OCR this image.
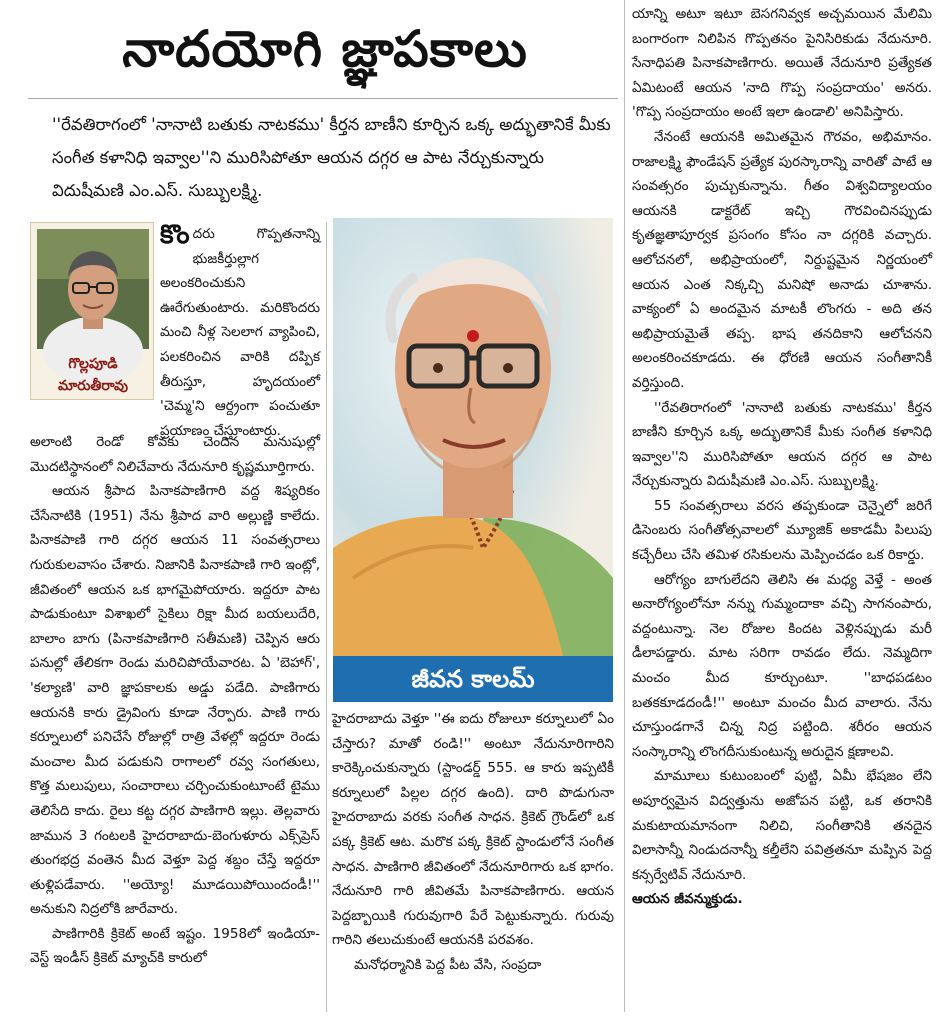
నాదయోగి జ్ఞాపకాలు
''రేవతిరాగంలో 'నానాటి బతుకు నాటకము' కీర్తన బాణీని కూర్చిన ఒక్క అద్భుతానికే మీకు సంగీత కళానిధి ఇవ్వాల''ని మురిసిపోతూ ఆయన దగ్గర ఆ పాట నేర్చుకున్నారు విదుషీమణి ఎం.ఎస్‌. సుబ్బులక్ష్మి.
గొల్లపూడి మారుతీరావు

కొందరు గొప్పతనాన్ని భుజకీర్తుల్లాగ అలంకరించుకుని ఊరేగుతుంటారు. మరికొందరు మంచి నీళ్ల సెలలాగ వ్యాపించి, పలకరించిన వారికి దప్పిక తీరుస్తూ, హృదయంలో 'చెమ్మ'ని ఆర్ద్రంగా పంచుతూ ప్రయాణం చేస్తూంటారు.

అలాంటి రెండో కోవకు చెందిన మనుషుల్లో మొదటిస్థానంలో నిలిచేవారు నేదునూరి కృష్ణమూర్తిగారు.

ఆయన శ్రీపాద పినాకపాణిగారి వద్ద శిష్యరికం చేసేనాటికి (1951) నేను శ్రీపాద వారి అల్లుణ్ణి కాలేదు. పినాకపాణి గారి దగ్గర ఆయన 11 సంవత్సరాలు గురుకులవాసం చేశారు. నిజానికి పినాకపాణి గారి ఇంట్లో, జీవితంలో ఆయన ఒక భాగమైపోయారు. ఇద్దరూ పాట పాడుకుంటూ విశాఖలో సైకిలు రిక్షా మీద బయలుదేరి, బాలాం బాగు (పినాకపాణిగారి సతీమణి) చెప్పిన ఆరు పనుల్లో తేలికగా రెండు మరిచిపోయేవారట. ఏ 'బెహాగ్‌', 'కల్యాణి' వారి జ్ఞాపకాలకు అడ్డు పడేది. పాణిగారు ఆయనకి కారు డ్రైవింగు కూడా నేర్పారు. పాణి గారు కర్నూలులో పనిచేసే రోజుల్లో రాత్రి వేళల్లో ఇద్దరూ రెండు మంచాల మీద పడుకుని రాగాలలో రవ్వ సంగతులు, కొత్త మలుపులు, సంచారాలు చర్చించుకుంటూంటే టైము తెలిసేది కాదు. రైలు కట్ట దగ్గర పాణిగారి ఇల్లు. తెల్లవారు జామున 3 గంటలకి హైదరాబాదు-బెంగుళూరు ఎక్స్‌ప్రెస్‌ తుంగభద్ర వంతెన మీద వెళ్తూ పెద్ద శబ్దం చేస్తే ఇద్దరూ తుళ్లిపడేవారు. ''అయ్యో! మూడయిపోయిందండీ!'' అనుకుని నిద్రలోకి జారేవారు.

పాణిగారికి క్రికెట్‌ అంటే ఇష్టం. 1958లో ఇండియా-వెస్ట్‌ ఇండీస్‌ క్రికెట్‌ మ్యాచ్‌కి కారులో

జీవన కాలమ్

హైదరాబాదు వెళ్తూ ''ఈ ఐదు రోజులూ కర్నూలులో ఏం చేస్తారు? మాతో రండి!'' అంటూ నేదునూరిగారిని కారెక్కించుకున్నారు (స్టాండర్డ్‌ 555. ఆ కారు ఇప్పటికీ కర్నూలులో పిల్లల దగ్గర ఉంది). దారి పొడుగునా హైదరాబాదు వరకు సంగీత సాధన. క్రికెట్‌ గ్రౌండ్‌లో ఒక పక్క క్రికెట్‌ ఆట. మరొక పక్క క్రికెట్‌ స్టాండులోనే సంగీత సాధన. పాణిగారి జీవితంలో నేదునూరిగారు ఒక భాగం. నేదునూరి గారి జీవితమే పినాకపాణిగారు. ఆయన పెద్దబ్బాయికి గురువుగారి పేరే పెట్టుకున్నారు. గురువు గారిని తలుచుకుంటే ఆయనకి పరవశం.

మనోధర్మానికి పెద్ద పీట వేసి, సంప్రదా

యాన్ని అటూ ఇటూ బెసగనివ్వక అచ్చమయిన మేలిమి బంగారంగా నిలిపిన గొప్పతనం పైనిసిరికుడు నేదునూరి. సేనాధిపతి పినాకపాణిగారు. అయితే నేదునూరి ప్రత్యేకత ఏమిటంటే ఆయన 'నాది గొప్ప సంప్రదాయం' అనరు. 'గొప్ప సంప్రదాయం అంటే ఇలా ఉండాలి' అనిపిస్తారు.

నేనంటే ఆయనకి అమితమైన గౌరవం, అభిమానం. రాజాలక్ష్మి ఫౌండేషన్‌ ప్రత్యేక పురస్కారాన్ని వారితో పాటే ఆ సంవత్సరం పుచ్చుకున్నాను. గీతం విశ్వవిద్యాలయం ఆయనకి డాక్టరేట్‌ ఇచ్చి గౌరవించినప్పుడు కృతజ్ఞతాపూర్వక ప్రసంగం కోసం నా దగ్గరికి వచ్చారు. ఆలోచనలో, అభిప్రాయంలో, నిర్దుష్టమైన నిర్ణయంలో ఆయన ఎంత నిక్కచ్చి మనిషో అనాడు చూశాను. వాక్యంలో ఏ అందమైన మాటకీ లొంగరు - అది తన అభిప్రాయమైతే తప్ప. భాష తనదికాని ఆలోచనని అలంకరించకూడదు. ఈ ధోరణి ఆయన సంగీతానికీ వర్తిస్తుంది.

''రేవతిరాగంలో 'నానాటి బతుకు నాటకము' కీర్తన బాణీని కూర్చిన ఒక్క అద్భుతానికే మీకు సంగీత కళానిధి ఇవ్వాల''ని మురిసిపోతూ ఆయన దగ్గర ఆ పాట నేర్చుకున్నారు విదుషీమణి ఎం.ఎస్‌. సుబ్బులక్ష్మి.

55 సంవత్సరాలు వరస తప్పకుండా చెన్నైలో జరిగే డిసెంబరు సంగీతోత్సవాలలో మ్యూజిక్‌ అకాడమీ పిలుపు కచ్చేరీలు చేసి తమిళ రసికులను మెప్పించడం ఒక రికార్డు.

ఆరోగ్యం బాగులేదని తెలిసి ఈ మధ్య వెళ్తే - అంత అనారోగ్యంలోనూ నన్ను గుమ్మందాకా వచ్చి సాగనంపారు, వద్దంటున్నా. నెల రోజుల కిందట వెళ్లినప్పుడు మరీ డీలాపడ్డారు. మాట సరిగా రావడం లేదు. నెమ్మదిగా మంచం మీద కూర్చుంటూ. ''బాధపడటం బతకకూడదండీ!'' అంటూ మంచం మీద వాలారు. నేను చూస్తుండగానే చిన్న నిద్ర పట్టింది. శరీరం ఆయన సంస్కారాన్ని లొంగదీసుకుంటున్న అరుదైన క్షణాలవి.

మామూలు కుటుంబంలో పుట్టి, ఏమీ భేషజం లేని అపూర్వమైన విద్వత్తును అజోపన పట్టి, ఒక తరానికి మకుటాయమానంగా నిలిచి, సంగీతానికి తనదైన విలాసాన్నీ నిండుదనాన్నీ కల్తీలేని పవిత్రతనూ మప్పిన పెద్ద కన్సర్వేటివ్‌ నేదునూరి.

ఆయన జీవన్ముక్తుడు.
